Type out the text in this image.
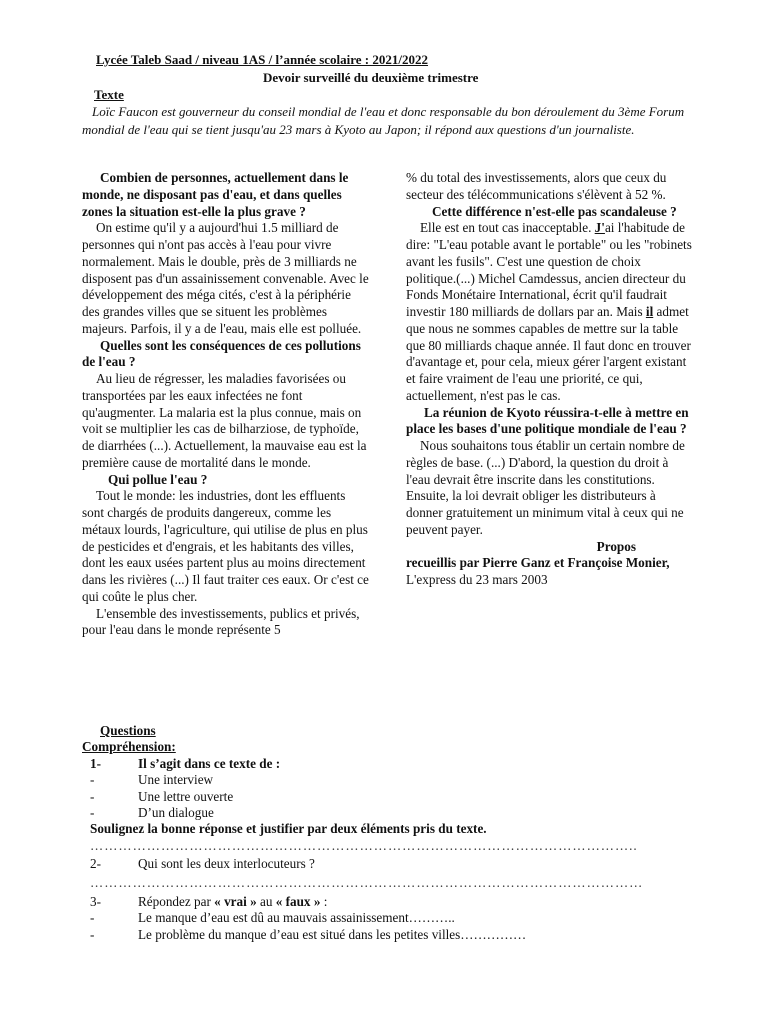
Lycée Taleb Saad / niveau 1AS / l’année scolaire : 2021/2022
Devoir surveillé du deuxième trimestre
Texte
Loïc Faucon est gouverneur du conseil mondial de l'eau et donc responsable du bon déroulement du 3ème Forum mondial de l'eau qui se tient jusqu'au 23 mars à Kyoto au Japon; il répond aux questions d'un journaliste.

Combien de personnes, actuellement dans le monde, ne disposant pas d'eau, et dans quelles zones la situation est-elle la plus grave ?

On estime qu'il y a aujourd'hui 1.5 milliard de personnes qui n'ont pas accès à l'eau pour vivre normalement. Mais le double, près de 3 milliards ne disposent pas d'un assainissement convenable. Avec le développement des méga cités, c'est à la périphérie des grandes villes que se situent les problèmes majeurs. Parfois, il y a de l'eau, mais elle est polluée.

Quelles sont les conséquences de ces pollutions de l'eau ?

Au lieu de régresser, les maladies favorisées ou transportées par les eaux infectées ne font qu'augmenter. La malaria est la plus connue, mais on voit se multiplier les cas de bilharziose, de typhoïde, de diarrhées (...). Actuellement, la mauvaise eau est la première cause de mortalité dans le monde.

Qui pollue l'eau ?

Tout le monde: les industries, dont les effluents sont chargés de produits dangereux, comme les métaux lourds, l'agriculture, qui utilise de plus en plus de pesticides et d'engrais, et les habitants des villes, dont les eaux usées partent plus au moins directement dans les rivières (...) Il faut traiter ces eaux. Or c'est ce qui coûte le plus cher.

L'ensemble des investissements, publics et privés, pour l'eau dans le monde représente 5

% du total des investissements, alors que ceux du secteur des télécommunications s'élèvent à 52 %.

Cette différence n'est-elle pas scandaleuse ?

Elle est en tout cas inacceptable. J'ai l'habitude de dire: "L'eau potable avant le portable" ou les "robinets avant les fusils". C'est une question de choix politique.(...) Michel Camdessus, ancien directeur du Fonds Monétaire International, écrit qu'il faudrait investir 180 milliards de dollars par an. Mais il admet que nous ne sommes capables de mettre sur la table que 80 milliards chaque année. Il faut donc en trouver d'avantage et, pour cela, mieux gérer l'argent existant et faire vraiment de l'eau une priorité, ce qui, actuellement, n'est pas le cas.

La réunion de Kyoto réussira-t-elle à mettre en place les bases d'une politique mondiale de l'eau ?

Nous souhaitons tous établir un certain nombre de règles de base. (...) D'abord, la question du droit à l'eau devrait être inscrite dans les constitutions. Ensuite, la loi devrait obliger les distributeurs à donner gratuitement un minimum vital à ceux qui ne peuvent payer.

Propos

recueillis par Pierre Ganz et Françoise Monier, L'express du 23 mars 2003

Questions
Compréhension:
1-	Il s’agit dans ce texte de :
-	Une interview
-	Une lettre ouverte
-	D’un dialogue
Soulignez la bonne réponse et justifier par deux éléments pris du texte.
……………………………………………………………………………………………………..
2-	Qui sont les deux interlocuteurs ?
………………………………………………………………………………………………………
3-	Répondez par « vrai » au « faux » :
-	Le manque d’eau est dû au mauvais assainissement………..
-	Le problème du manque d’eau est situé dans les petites villes……………
